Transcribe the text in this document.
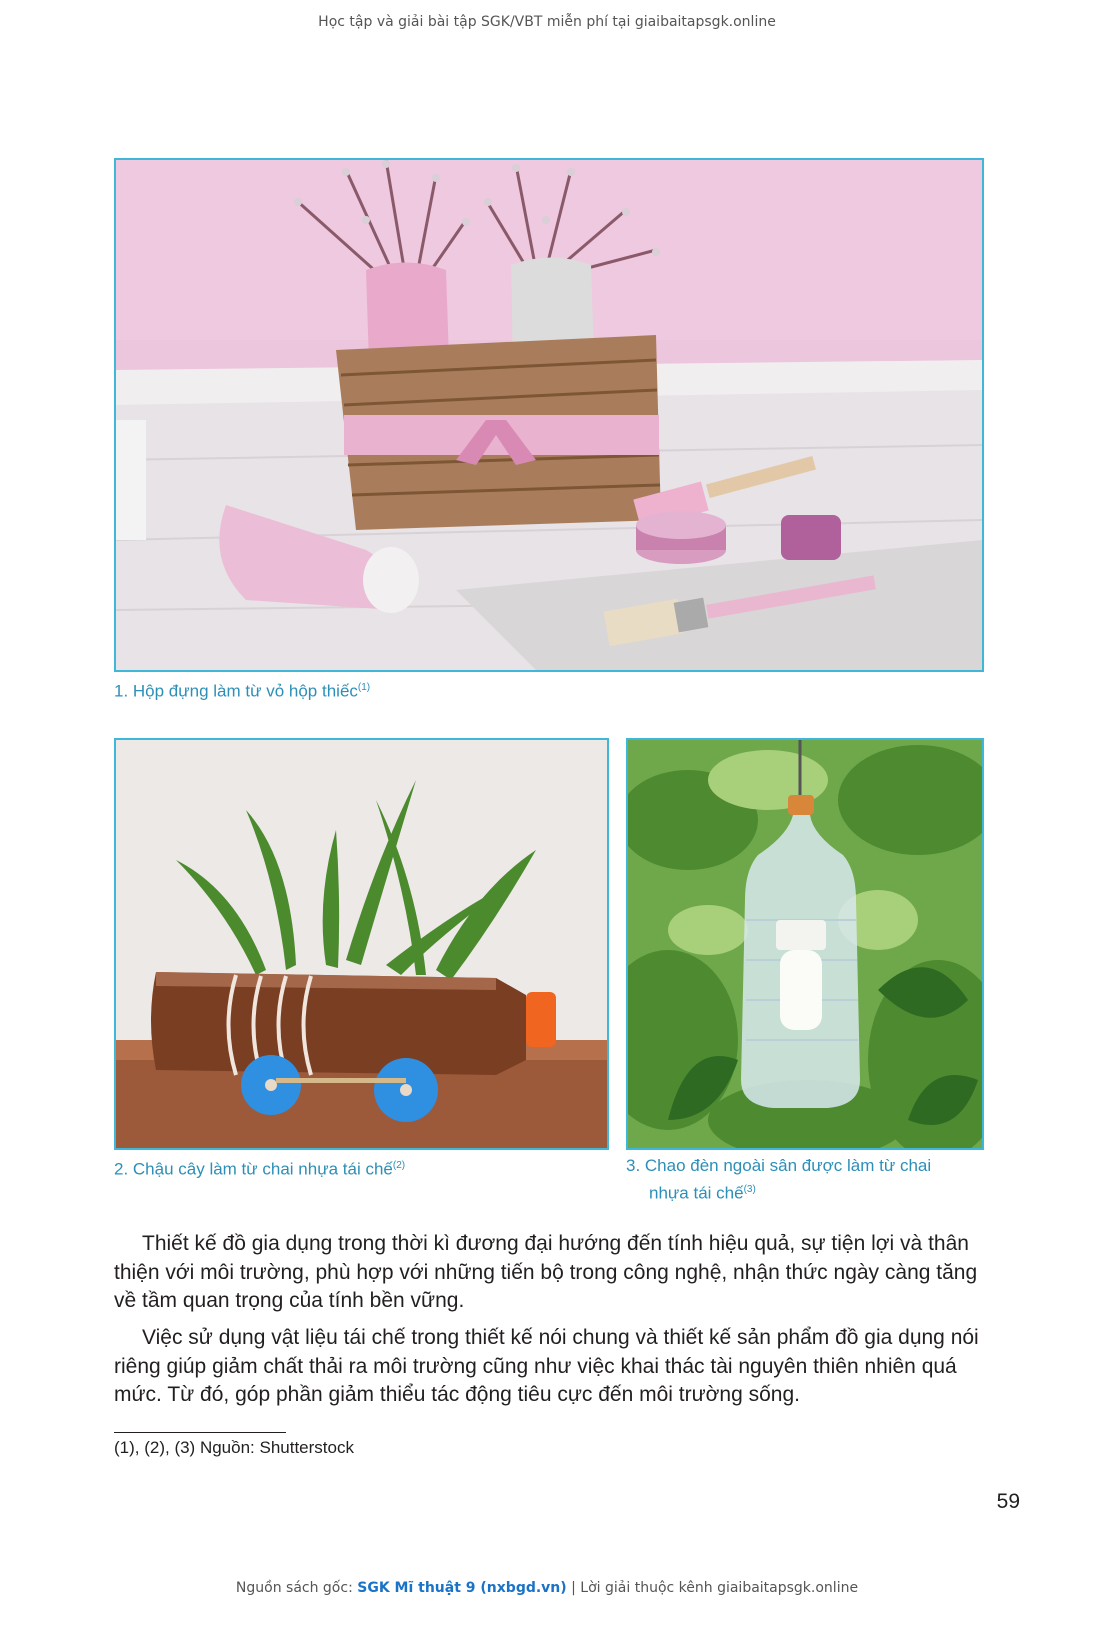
Học tập và giải bài tập SGK/VBT miễn phí tại giaibaitapsgk.online
1. Hộp đựng làm từ vỏ hộp thiếc$^{(1)}$
2. Chậu cây làm từ chai nhựa tái chế$^{(2)}$	3. Chao đèn ngoài sân được làm từ chai
nhựa tái chế$^{(3)}$

Thiết kế đồ gia dụng trong thời kì đương đại hướng đến tính hiệu quả, sự tiện lợi và thân thiện với môi trường, phù hợp với những tiến bộ trong công nghệ, nhận thức ngày càng tăng về tầm quan trọng của tính bền vững.

Việc sử dụng vật liệu tái chế trong thiết kế nói chung và thiết kế sản phẩm đồ gia dụng nói riêng giúp giảm chất thải ra môi trường cũng như việc khai thác tài nguyên thiên nhiên quá mức. Từ đó, góp phần giảm thiểu tác động tiêu cực đến môi trường sống.

(1), (2), (3) Nguồn: Shutterstock
59
Nguồn sách gốc: SGK Mĩ thuật 9 (nxbgd.vn) | Lời giải thuộc kênh giaibaitapsgk.online
